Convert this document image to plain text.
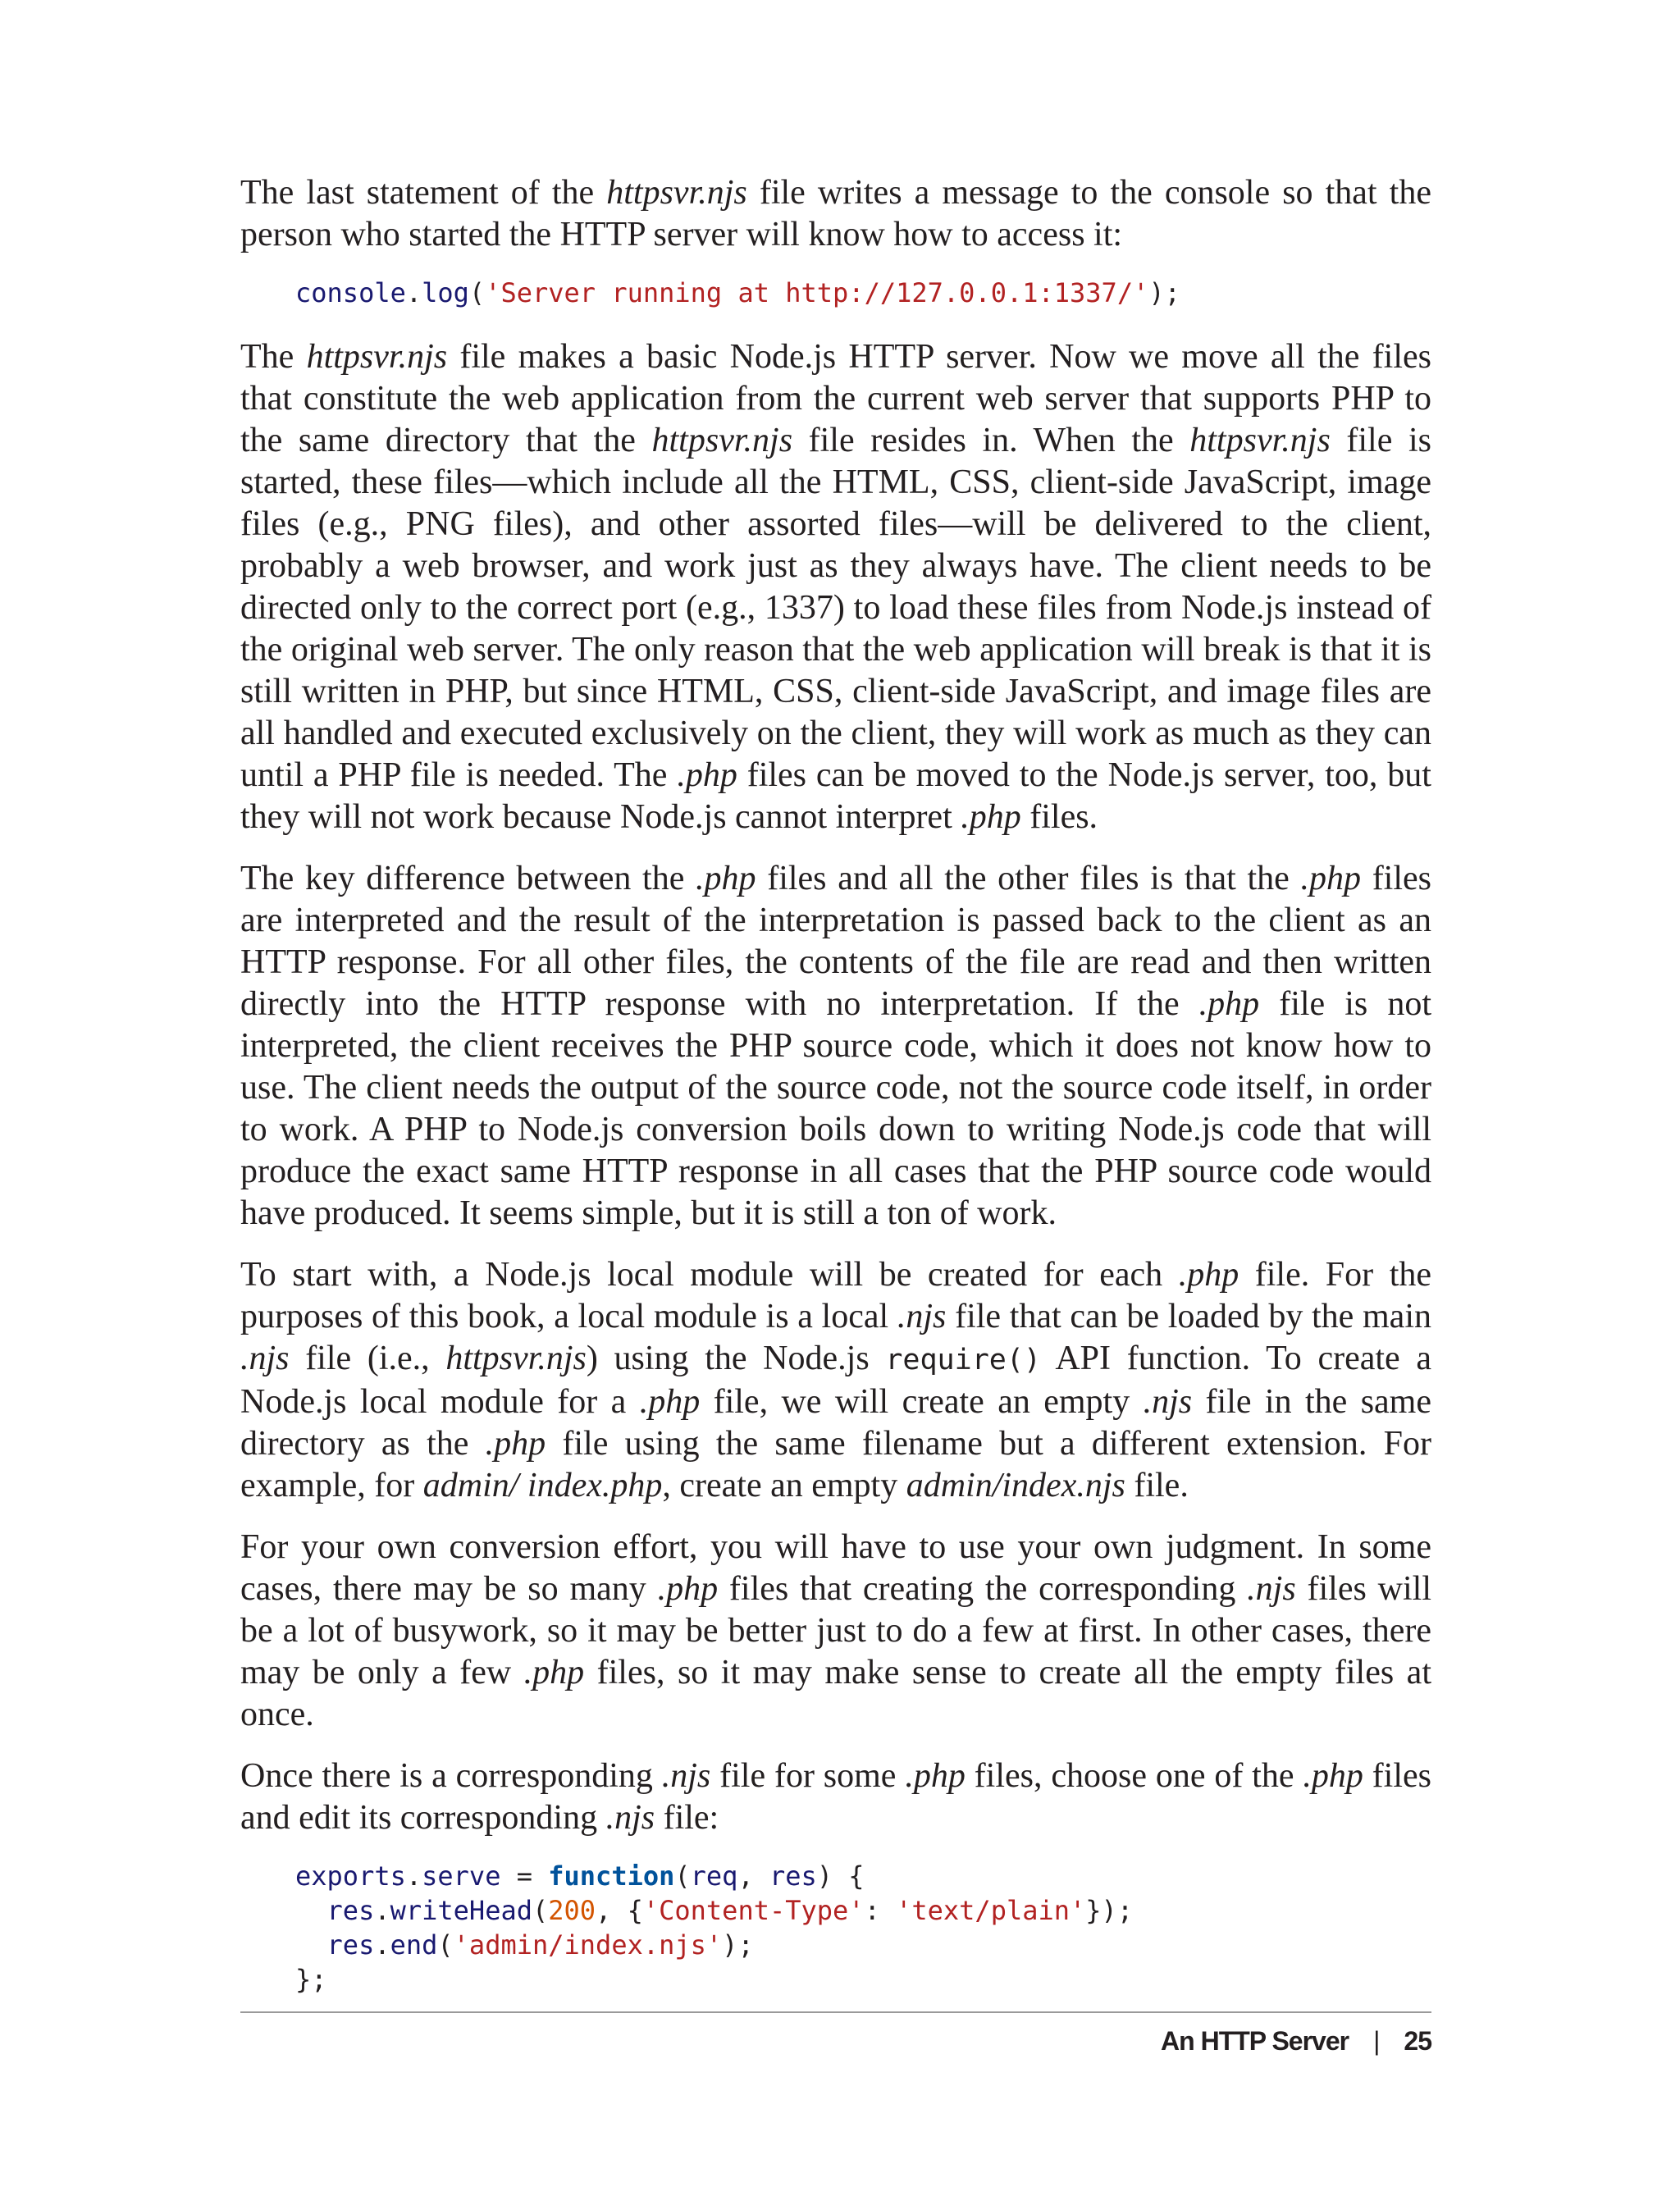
The last statement of the httpsvr.njs file writes a message to the console so that the person who started the HTTP server will know how to access it:

console.log('Server running at http://127.0.0.1:1337/');

The httpsvr.njs file makes a basic Node.js HTTP server. Now we move all the files that constitute the web application from the current web server that supports PHP to the same directory that the httpsvr.njs file resides in. When the httpsvr.njs file is started, these files—which include all the HTML, CSS, client-side JavaScript, image files (e.g., PNG files), and other assorted files—will be delivered to the client, probably a web browser, and work just as they always have. The client needs to be directed only to the correct port (e.g., 1337) to load these files from Node.js instead of the original web server. The only reason that the web application will break is that it is still written in PHP, but since HTML, CSS, client-side JavaScript, and image files are all handled and executed exclusively on the client, they will work as much as they can until a PHP file is needed. The .php files can be moved to the Node.js server, too, but they will not work because Node.js cannot interpret .php files.

The key difference between the .php files and all the other files is that the .php files are interpreted and the result of the interpretation is passed back to the client as an HTTP response. For all other files, the contents of the file are read and then written directly into the HTTP response with no interpretation. If the .php file is not interpreted, the client receives the PHP source code, which it does not know how to use. The client needs the output of the source code, not the source code itself, in order to work. A PHP to Node.js conversion boils down to writing Node.js code that will produce the exact same HTTP response in all cases that the PHP source code would have produced. It seems simple, but it is still a ton of work.

To start with, a Node.js local module will be created for each .php file. For the purposes of this book, a local module is a local .njs file that can be loaded by the main .njs file (i.e., httpsvr.njs) using the Node.js require() API function. To create a Node.js local module for a .php file, we will create an empty .njs file in the same directory as the .php file using the same filename but a different extension. For example, for admin/ index.php, create an empty admin/index.njs file.

For your own conversion effort, you will have to use your own judgment. In some cases, there may be so many .php files that creating the corresponding .njs files will be a lot of busywork, so it may be better just to do a few at first. In other cases, there may be only a few .php files, so it may make sense to create all the empty files at once.

Once there is a corresponding .njs file for some .php files, choose one of the .php files and edit its corresponding .njs file:

exports.serve = function(req, res) {
res.writeHead(200, {'Content-Type': 'text/plain'});
res.end('admin/index.njs');
};
An HTTP Server | 25
